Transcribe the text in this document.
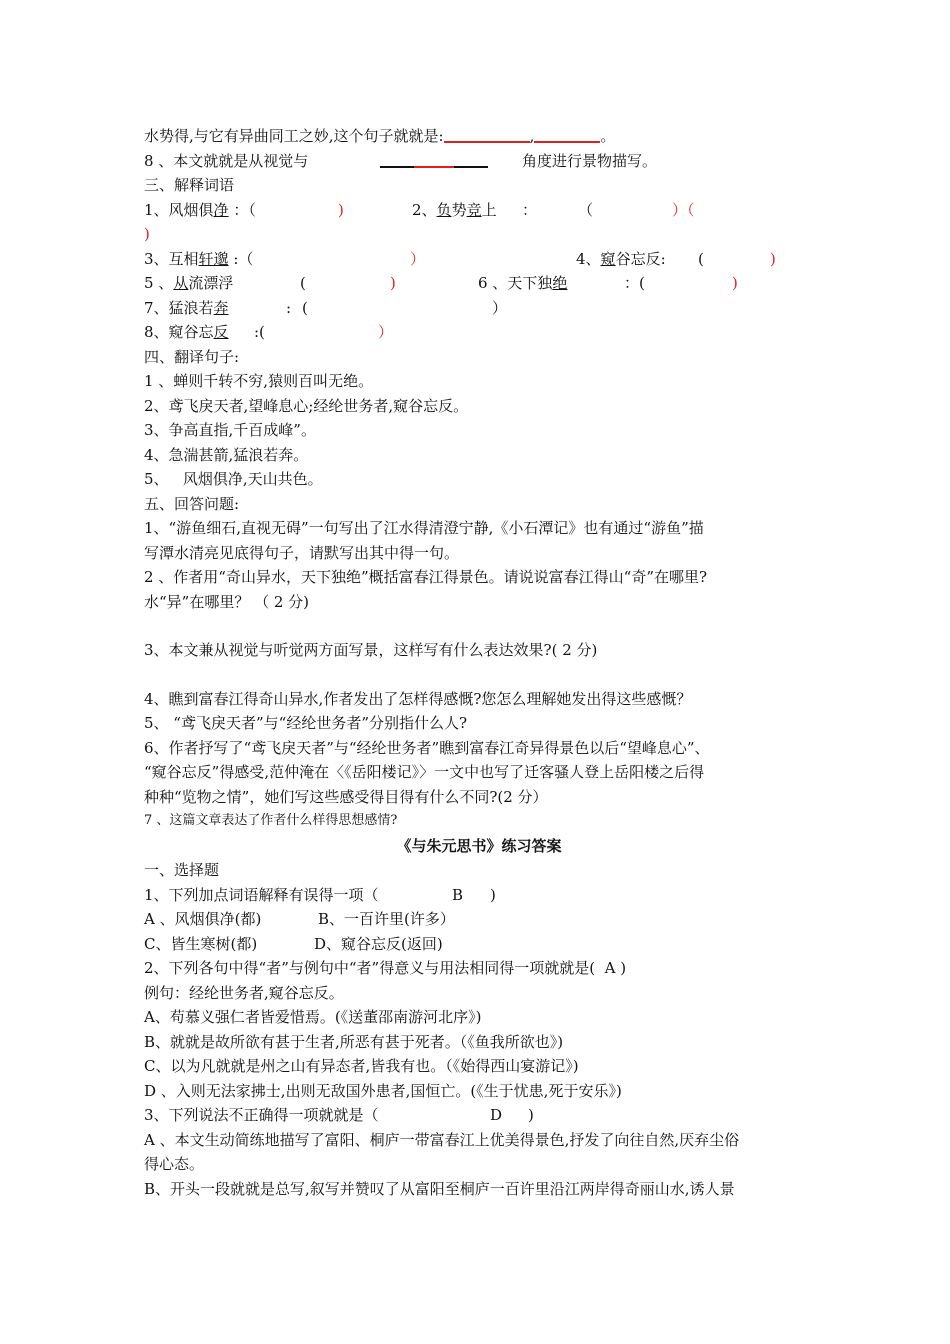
水势得,与它有异曲同工之妙,这个句子就就是:	,	。
8 、本文就就是从视觉与	角度进行景物描写。
三、解释词语
1、风烟俱净 ：（	)	2、负势竞上 ：	（	）（
)
3、互相轩邈 :（	）	4、窥谷忘反: (	)
5 、从流漂浮	(	)	6 、天下独绝	：(	)
7、猛浪若奔	: (	）
8、窥谷忘反 :(	）
四、翻译句子:
1 、蝉则千转不穷,猿则百叫无绝。
2、鸢飞戾天者,望峰息心;经纶世务者,窥谷忘反。
3、争高直指,千百成峰”。
4、急湍甚箭,猛浪若奔。
5、   风烟俱净,天山共色。
五、回答问题:
1、“游鱼细石,直视无碍”一句写出了江水得清澄宁静,《小石潭记》也有通过“游鱼”描
写潭水清亮见底得句子，请默写出其中得一句。
2 、作者用“奇山异水，天下独绝”概括富春江得景色。请说说富春江得山“奇”在哪里?
水“异”在哪里？ （ 2 分)
3、本文兼从视觉与听觉两方面写景，这样写有什么表达效果?( 2 分)
4、瞧到富春江得奇山异水,作者发出了怎样得感慨?您怎么理解她发出得这些感慨？
5、 “鸢飞戾天者”与“经纶世务者”分别指什么人?
6、作者抒写了“鸢飞戾天者”与“经纶世务者”瞧到富春江奇异得景色以后“望峰息心”、
“窥谷忘反”得感受,范仲淹在〈《岳阳楼记》〉一文中也写了迁客骚人登上岳阳楼之后得
种种“览物之情”，她们写这些感受得目得有什么不同?(2 分）
7 、这篇文章表达了作者什么样得思想感情?
《与朱元思书》练习答案
一、选择题
1、下列加点词语解释有误得一项（	B )
A 、风烟俱净(都)	B、一百许里(许多）
C、皆生寒树(都)	D、窥谷忘反(返回)
2、下列各句中得“者”与例句中“者”得意义与用法相同得一项就就是(  A )
例句：经纶世务者,窥谷忘反。
A、苟慕义强仁者皆爱惜焉。(《送董邵南游河北序》)
B、就就是故所欲有甚于生者,所恶有甚于死者。（《鱼我所欲也》)
C、以为凡就就是州之山有异态者,皆我有也。（《始得西山宴游记》)
D 、入则无法家拂士,出则无敌国外患者,国恒亡。(《生于忧患,死于安乐》)
3、下列说法不正确得一项就就是（	D )
A 、本文生动简练地描写了富阳、桐庐一带富春江上优美得景色,抒发了向往自然,厌弃尘俗
得心态。
B、开头一段就就是总写,叙写并赞叹了从富阳至桐庐一百许里沿江两岸得奇丽山水,诱人景
